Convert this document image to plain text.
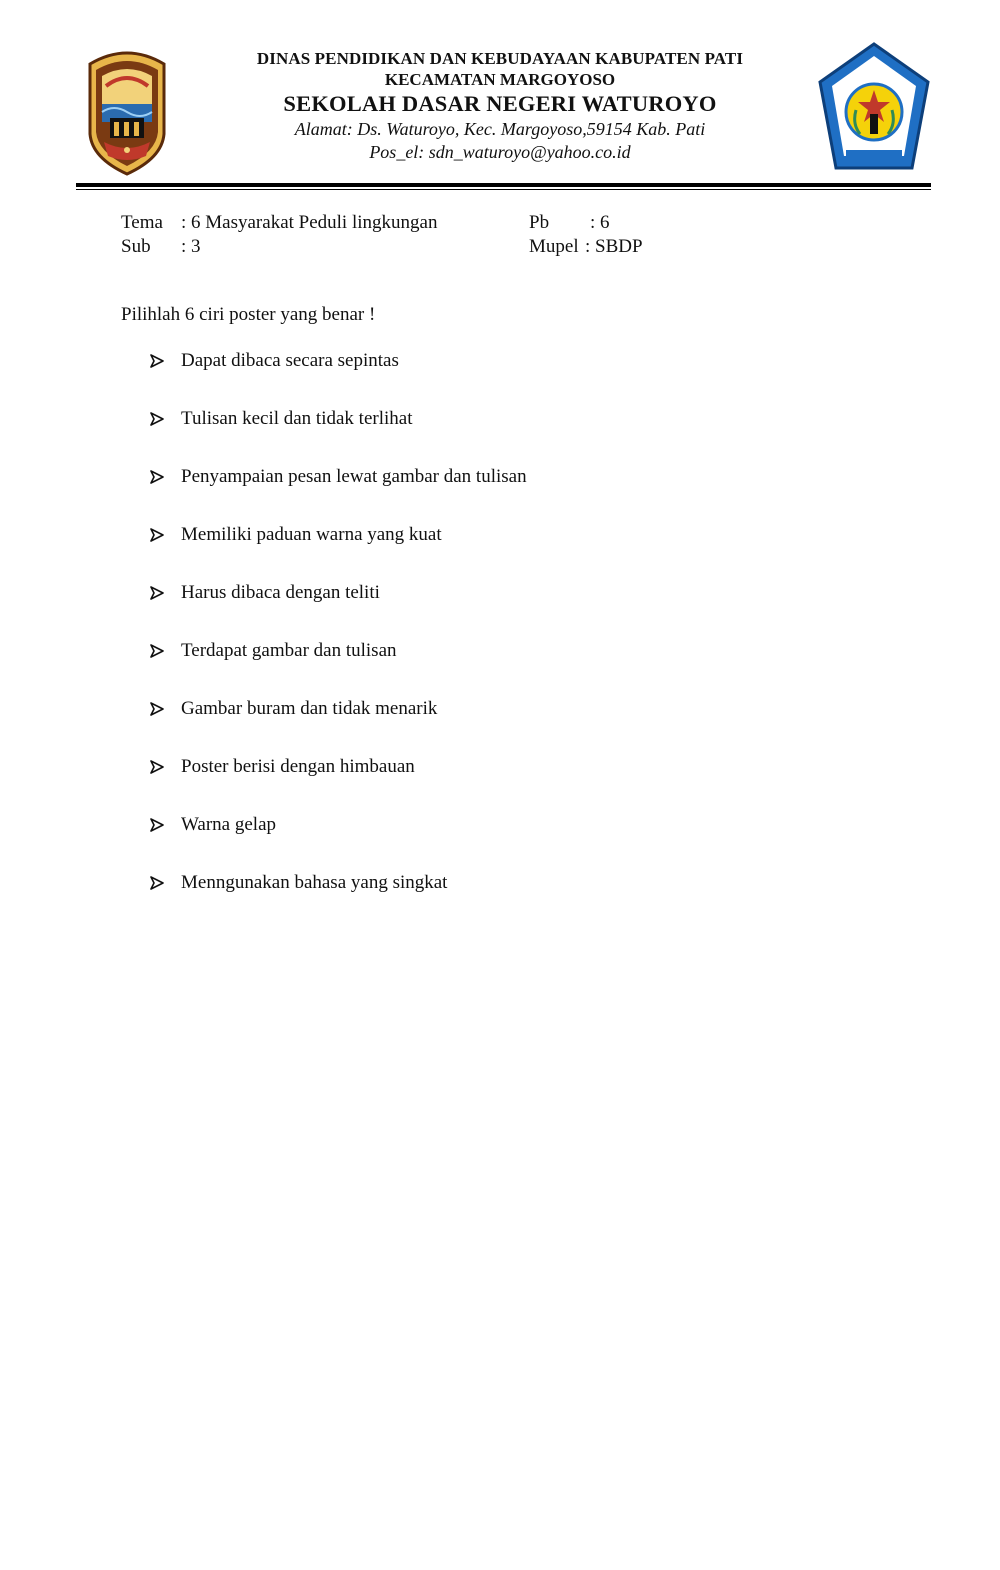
DINAS PENDIDIKAN DAN KEBUDAYAAN KABUPATEN PATI
KECAMATAN MARGOYOSO
SEKOLAH DASAR NEGERI WATUROYO
Alamat: Ds. Waturoyo, Kec. Margoyoso,59154 Kab. Pati
Pos_el: sdn_waturoyo@yahoo.co.id
Tema : 6 Masyarakat Peduli lingkungan
Sub : 3
Pb : 6
Mupel : SBDP
Pilihlah 6 ciri poster yang benar !
Dapat dibaca secara sepintas
Tulisan kecil dan tidak terlihat
Penyampaian pesan lewat gambar dan tulisan
Memiliki paduan warna yang kuat
Harus dibaca dengan teliti
Terdapat gambar dan tulisan
Gambar buram dan tidak menarik
Poster berisi dengan himbauan
Warna gelap
Menngunakan bahasa yang singkat
